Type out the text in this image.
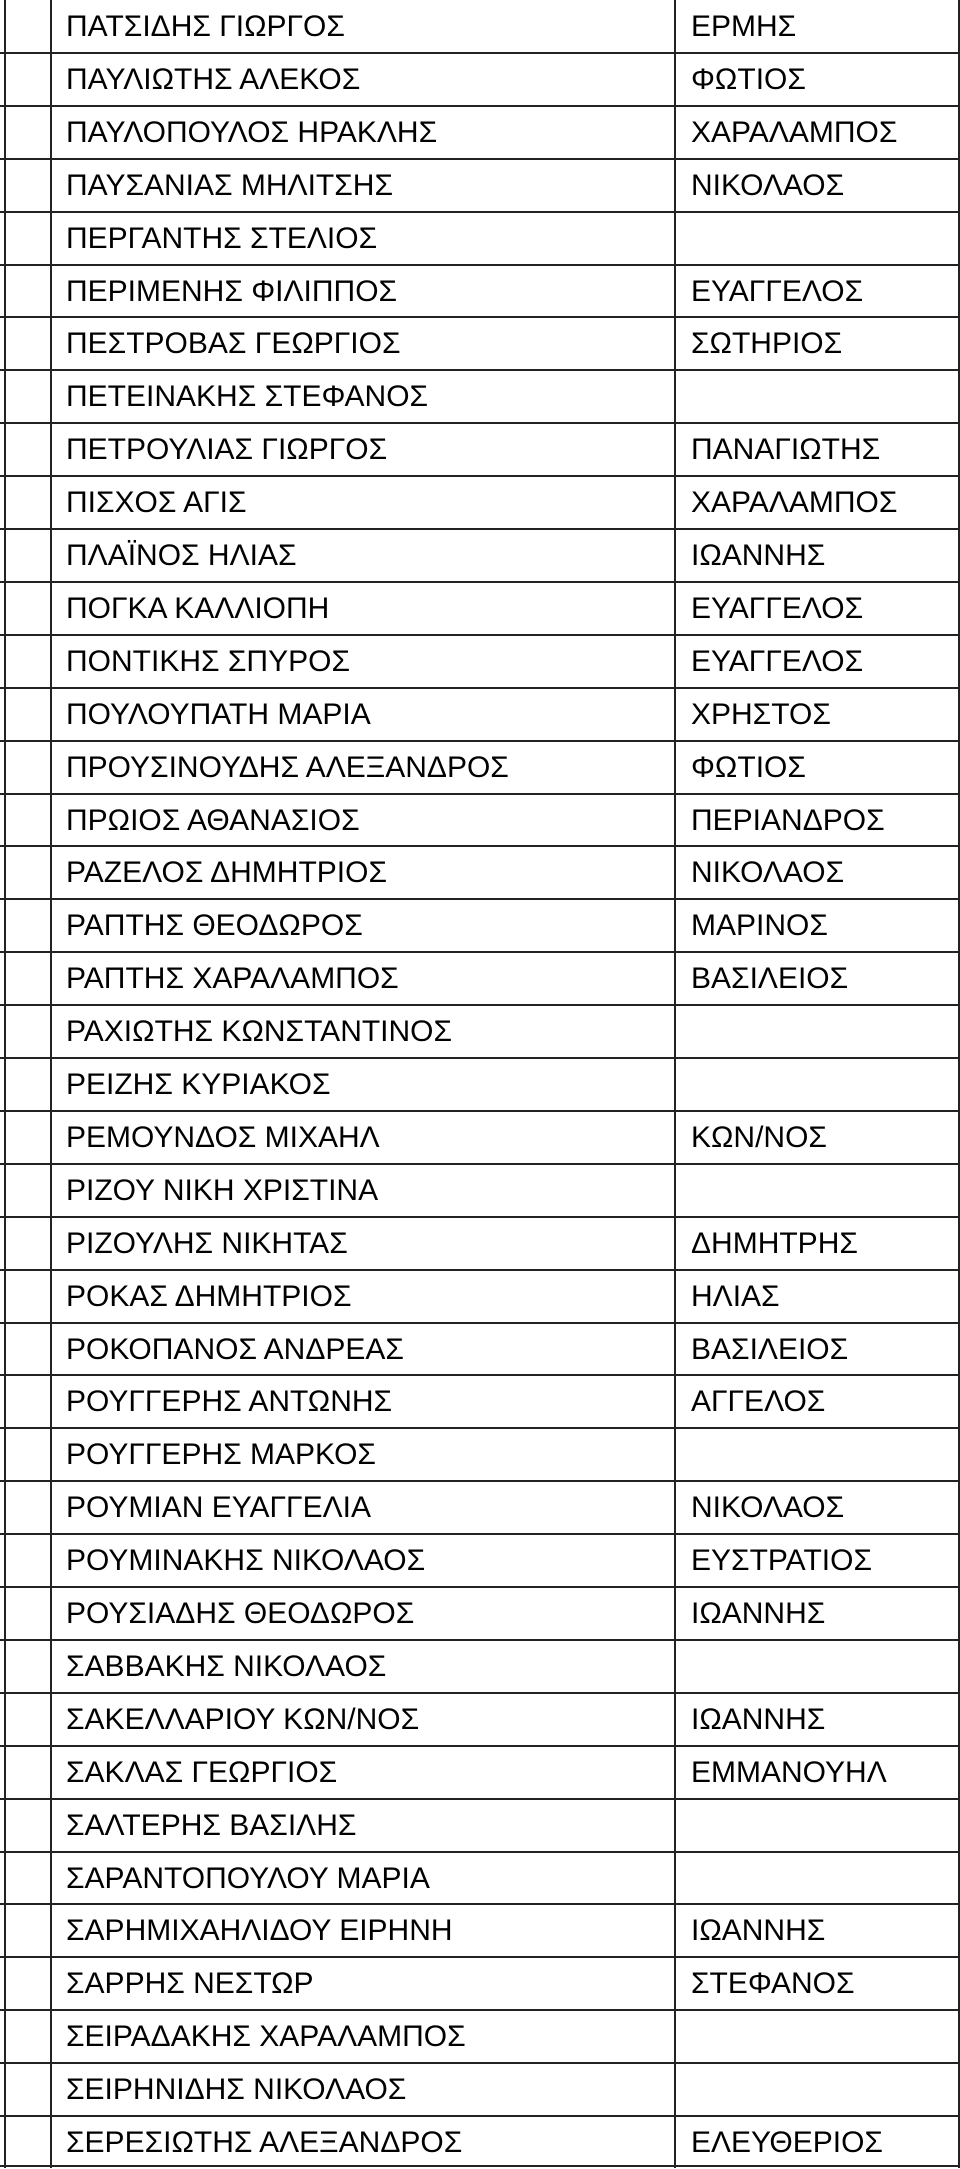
ΠΑΤΣΙΔΗΣ ΓΙΩΡΓΟΣ	ΕΡΜΗΣ
ΠΑΥΛΙΩΤΗΣ ΑΛΕΚΟΣ	ΦΩΤΙΟΣ
ΠΑΥΛΟΠΟΥΛΟΣ ΗΡΑΚΛΗΣ	ΧΑΡΑΛΑΜΠΟΣ
ΠΑΥΣΑΝΙΑΣ ΜΗΛΙΤΣΗΣ	ΝΙΚΟΛΑΟΣ
ΠΕΡΓΑΝΤΗΣ ΣΤΕΛΙΟΣ
ΠΕΡΙΜΕΝΗΣ ΦΙΛΙΠΠΟΣ	ΕΥΑΓΓΕΛΟΣ
ΠΕΣΤΡΟΒΑΣ ΓΕΩΡΓΙΟΣ	ΣΩΤΗΡΙΟΣ
ΠΕΤΕΙΝΑΚΗΣ ΣΤΕΦΑΝΟΣ
ΠΕΤΡΟΥΛΙΑΣ ΓΙΩΡΓΟΣ	ΠΑΝΑΓΙΩΤΗΣ
ΠΙΣΧΟΣ ΑΓΙΣ	ΧΑΡΑΛΑΜΠΟΣ
ΠΛΑΪΝΟΣ ΗΛΙΑΣ	ΙΩΑΝΝΗΣ
ΠΟΓΚΑ ΚΑΛΛΙΟΠΗ	ΕΥΑΓΓΕΛΟΣ
ΠΟΝΤΙΚΗΣ ΣΠΥΡΟΣ	ΕΥΑΓΓΕΛΟΣ
ΠΟΥΛΟΥΠΑΤΗ ΜΑΡΙΑ	ΧΡΗΣΤΟΣ
ΠΡΟΥΣΙΝΟΥΔΗΣ ΑΛΕΞΑΝΔΡΟΣ	ΦΩΤΙΟΣ
ΠΡΩΙΟΣ ΑΘΑΝΑΣΙΟΣ	ΠΕΡΙΑΝΔΡΟΣ
ΡΑΖΕΛΟΣ ΔΗΜΗΤΡΙΟΣ	ΝΙΚΟΛΑΟΣ
ΡΑΠΤΗΣ ΘΕΟΔΩΡΟΣ	ΜΑΡΙΝΟΣ
ΡΑΠΤΗΣ ΧΑΡΑΛΑΜΠΟΣ	ΒΑΣΙΛΕΙΟΣ
ΡΑΧΙΩΤΗΣ ΚΩΝΣΤΑΝΤΙΝΟΣ
ΡΕΙΖΗΣ ΚΥΡΙΑΚΟΣ
ΡΕΜΟΥΝΔΟΣ ΜΙΧΑΗΛ	ΚΩΝ/ΝΟΣ
ΡΙΖΟΥ ΝΙΚΗ ΧΡΙΣΤΙΝΑ
ΡΙΖΟΥΛΗΣ ΝΙΚΗΤΑΣ	ΔΗΜΗΤΡΗΣ
ΡΟΚΑΣ ΔΗΜΗΤΡΙΟΣ	ΗΛΙΑΣ
ΡΟΚΟΠΑΝΟΣ ΑΝΔΡΕΑΣ	ΒΑΣΙΛΕΙΟΣ
ΡΟΥΓΓΕΡΗΣ ΑΝΤΩΝΗΣ	ΑΓΓΕΛΟΣ
ΡΟΥΓΓΕΡΗΣ ΜΑΡΚΟΣ
ΡΟΥΜΙΑΝ ΕΥΑΓΓΕΛΙΑ	ΝΙΚΟΛΑΟΣ
ΡΟΥΜΙΝΑΚΗΣ ΝΙΚΟΛΑΟΣ	ΕΥΣΤΡΑΤΙΟΣ
ΡΟΥΣΙΑΔΗΣ ΘΕΟΔΩΡΟΣ	ΙΩΑΝΝΗΣ
ΣΑΒΒΑΚΗΣ ΝΙΚΟΛΑΟΣ
ΣΑΚΕΛΛΑΡΙΟΥ ΚΩΝ/ΝΟΣ	ΙΩΑΝΝΗΣ
ΣΑΚΛΑΣ ΓΕΩΡΓΙΟΣ	ΕΜΜΑΝΟΥΗΛ
ΣΑΛΤΕΡΗΣ ΒΑΣΙΛΗΣ
ΣΑΡΑΝΤΟΠΟΥΛΟΥ ΜΑΡΙΑ
ΣΑΡΗΜΙΧΑΗΛΙΔΟΥ ΕΙΡΗΝΗ	ΙΩΑΝΝΗΣ
ΣΑΡΡΗΣ ΝΕΣΤΩΡ	ΣΤΕΦΑΝΟΣ
ΣΕΙΡΑΔΑΚΗΣ ΧΑΡΑΛΑΜΠΟΣ
ΣΕΙΡΗΝΙΔΗΣ ΝΙΚΟΛΑΟΣ
ΣΕΡΕΣΙΩΤΗΣ ΑΛΕΞΑΝΔΡΟΣ	ΕΛΕΥΘΕΡΙΟΣ
